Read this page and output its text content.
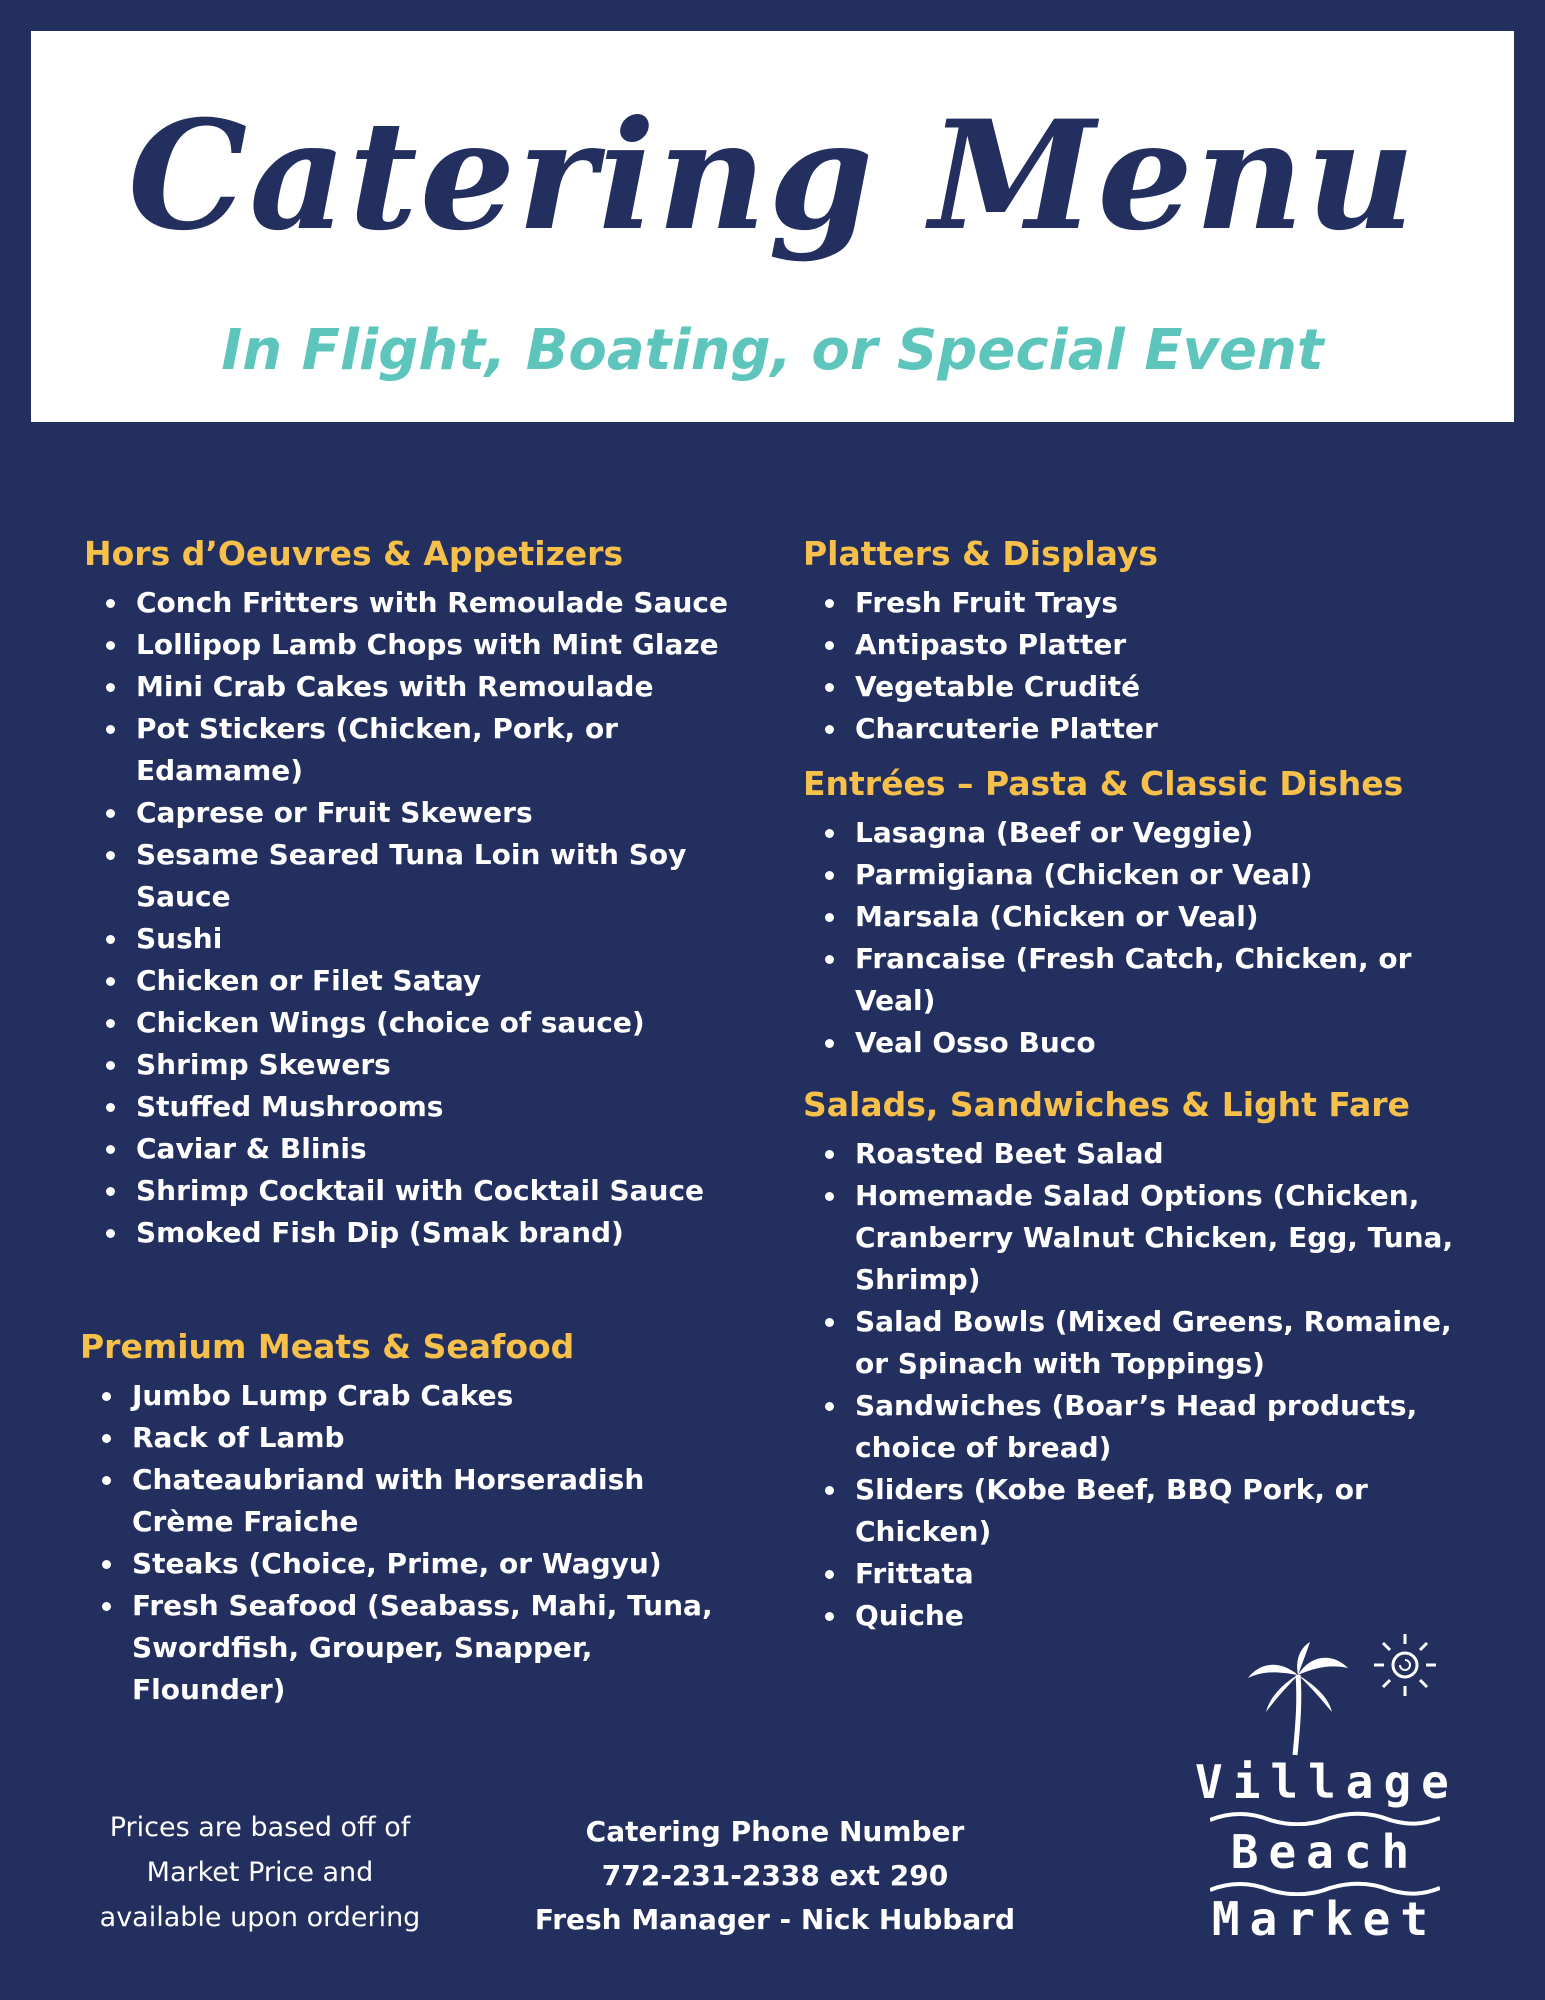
Catering Menu
In Flight, Boating, or Special Event
Hors d’Oeuvres & Appetizers
Conch Fritters with Remoulade Sauce
Lollipop Lamb Chops with Mint Glaze
Mini Crab Cakes with Remoulade
Pot Stickers (Chicken, Pork, or Edamame)
Caprese or Fruit Skewers
Sesame Seared Tuna Loin with Soy Sauce
Sushi
Chicken or Filet Satay
Chicken Wings (choice of sauce)
Shrimp Skewers
Stuffed Mushrooms
Caviar & Blinis
Shrimp Cocktail with Cocktail Sauce
Smoked Fish Dip (Smak brand)
Premium Meats & Seafood
Jumbo Lump Crab Cakes
Rack of Lamb
Chateaubriand with Horseradish Crème Fraiche
Steaks (Choice, Prime, or Wagyu)
Fresh Seafood (Seabass, Mahi, Tuna, Swordfish, Grouper, Snapper, Flounder)
Platters & Displays
Fresh Fruit Trays
Antipasto Platter
Vegetable Crudité
Charcuterie Platter
Entrées – Pasta & Classic Dishes
Lasagna (Beef or Veggie)
Parmigiana (Chicken or Veal)
Marsala (Chicken or Veal)
Francaise (Fresh Catch, Chicken, or Veal)
Veal Osso Buco
Salads, Sandwiches & Light Fare
Roasted Beet Salad
Homemade Salad Options (Chicken, Cranberry Walnut Chicken, Egg, Tuna, Shrimp)
Salad Bowls (Mixed Greens, Romaine, or Spinach with Toppings)
Sandwiches (Boar’s Head products, choice of bread)
Sliders (Kobe Beef, BBQ Pork, or Chicken)
Frittata
Quiche
Prices are based off of
Market Price and
available upon ordering
Catering Phone Number
772-231-2338 ext 290
Fresh Manager - Nick Hubbard
Village
Beach
Market
